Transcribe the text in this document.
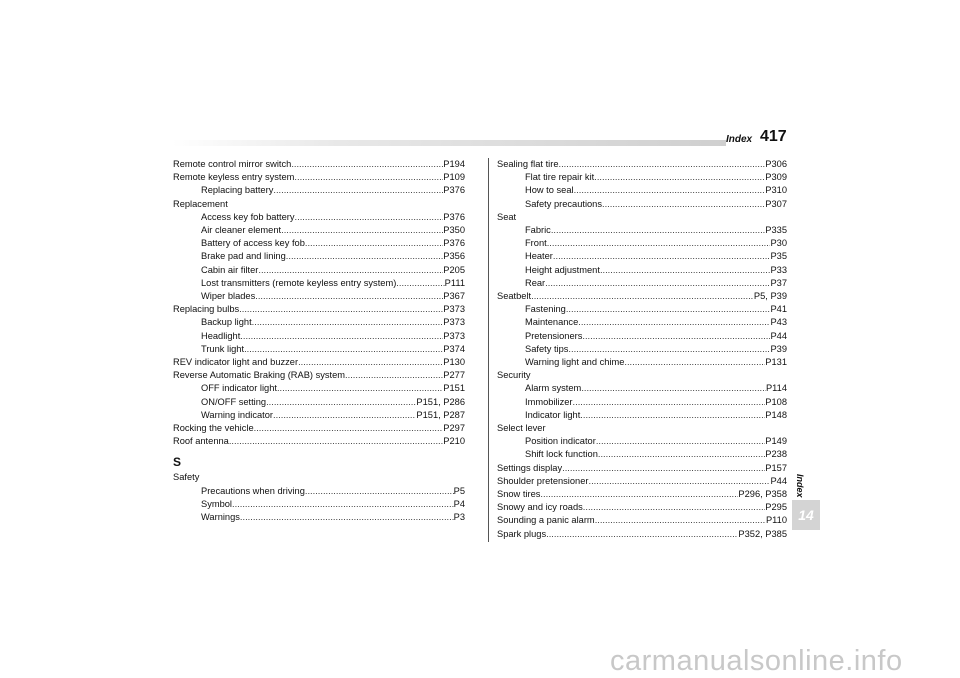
Index 417
Remote control mirror switch .....	P194
Remote keyless entry system .....	P109
Replacing battery .....	P376
Replacement
Access key fob battery .....	P376
Air cleaner element .....	P350
Battery of access key fob .....	P376
Brake pad and lining .....	P356
Cabin air filter .....	P205
Lost transmitters (remote keyless entry system) .....	P111
Wiper blades .....	P367
Replacing bulbs .....	P373
Backup light .....	P373
Headlight .....	P373
Trunk light .....	P374
REV indicator light and buzzer .....	P130
Reverse Automatic Braking (RAB) system .....	P277
OFF indicator light .....	P151
ON/OFF setting .....	P151, P286
Warning indicator .....	P151, P287
Rocking the vehicle .....	P297
Roof antenna .....	P210
S
Safety
Precautions when driving .....	P5
Symbol .....	P4
Warnings .....	P3
Sealing flat tire .....	P306
Flat tire repair kit .....	P309
How to seal .....	P310
Safety precautions .....	P307
Seat
Fabric .....	P335
Front .....	P30
Heater .....	P35
Height adjustment .....	P33
Rear .....	P37
Seatbelt .....	P5, P39
Fastening .....	P41
Maintenance .....	P43
Pretensioners .....	P44
Safety tips .....	P39
Warning light and chime .....	P131
Security
Alarm system .....	P114
Immobilizer .....	P108
Indicator light .....	P148
Select lever
Position indicator .....	P149
Shift lock function .....	P238
Settings display .....	P157
Shoulder pretensioner .....	P44
Snow tires .....	P296, P358
Snowy and icy roads .....	P295
Sounding a panic alarm .....	P110
Spark plugs .....	P352, P385
Index
14
carmanualsonline.info
